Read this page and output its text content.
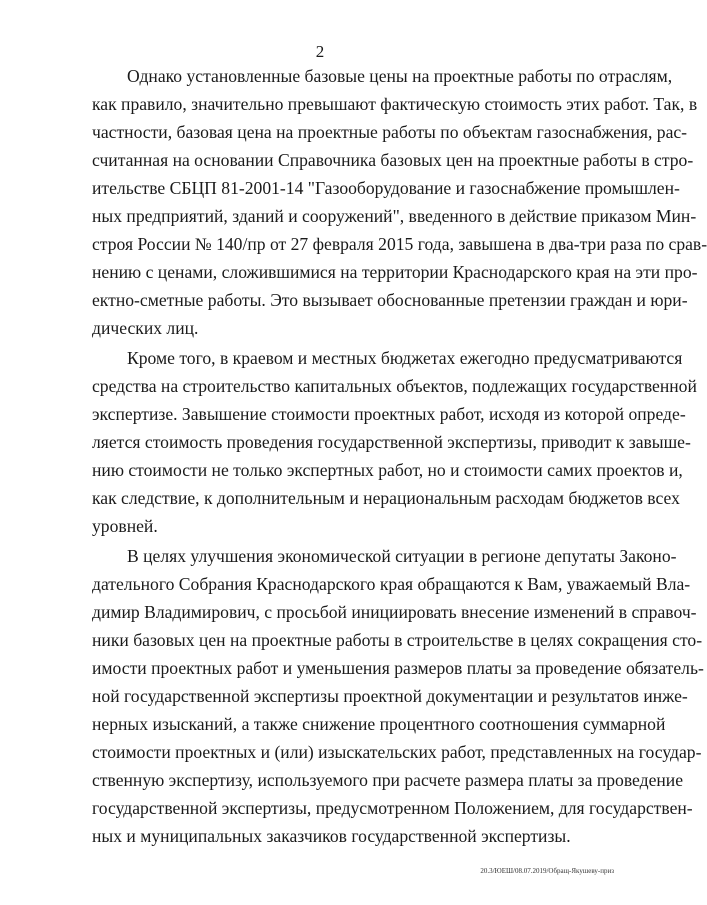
2
Однако установленные базовые цены на проектные работы по отраслям,
как правило, значительно превышают фактическую стоимость этих работ. Так, в
частности, базовая цена на проектные работы по объектам газоснабжения, рас-
считанная на основании Справочника базовых цен на проектные работы в стро-
ительстве СБЦП 81-2001-14 "Газооборудование и газоснабжение промышлен-
ных предприятий, зданий и сооружений", введенного в действие приказом Мин-
строя России № 140/пр от 27 февраля 2015 года, завышена в два-три раза по срав-
нению с ценами, сложившимися на территории Краснодарского края на эти про-
ектно-сметные работы. Это вызывает обоснованные претензии граждан и юри-
дических лиц.
Кроме того, в краевом и местных бюджетах ежегодно предусматриваются
средства на строительство капитальных объектов, подлежащих государственной
экспертизе. Завышение стоимости проектных работ, исходя из которой опреде-
ляется стоимость проведения государственной экспертизы, приводит к завыше-
нию стоимости не только экспертных работ, но и стоимости самих проектов и,
как следствие, к дополнительным и нерациональным расходам бюджетов всех
уровней.
В целях улучшения экономической ситуации в регионе депутаты Законо-
дательного Собрания Краснодарского края обращаются к Вам, уважаемый Вла-
димир Владимирович, с просьбой инициировать внесение изменений в справоч-
ники базовых цен на проектные работы в строительстве в целях сокращения сто-
имости проектных работ и уменьшения размеров платы за проведение обязатель-
ной государственной экспертизы проектной документации и результатов инже-
нерных изысканий, а также снижение процентного соотношения суммарной
стоимости проектных и (или) изыскательских работ, представленных на государ-
ственную экспертизу, используемого при расчете размера платы за проведение
государственной экспертизы, предусмотренном Положением, для государствен-
ных и муниципальных заказчиков государственной экспертизы.
20.3/ЮЕШ/08.07.2019/Обращ-Якушеву-приз
